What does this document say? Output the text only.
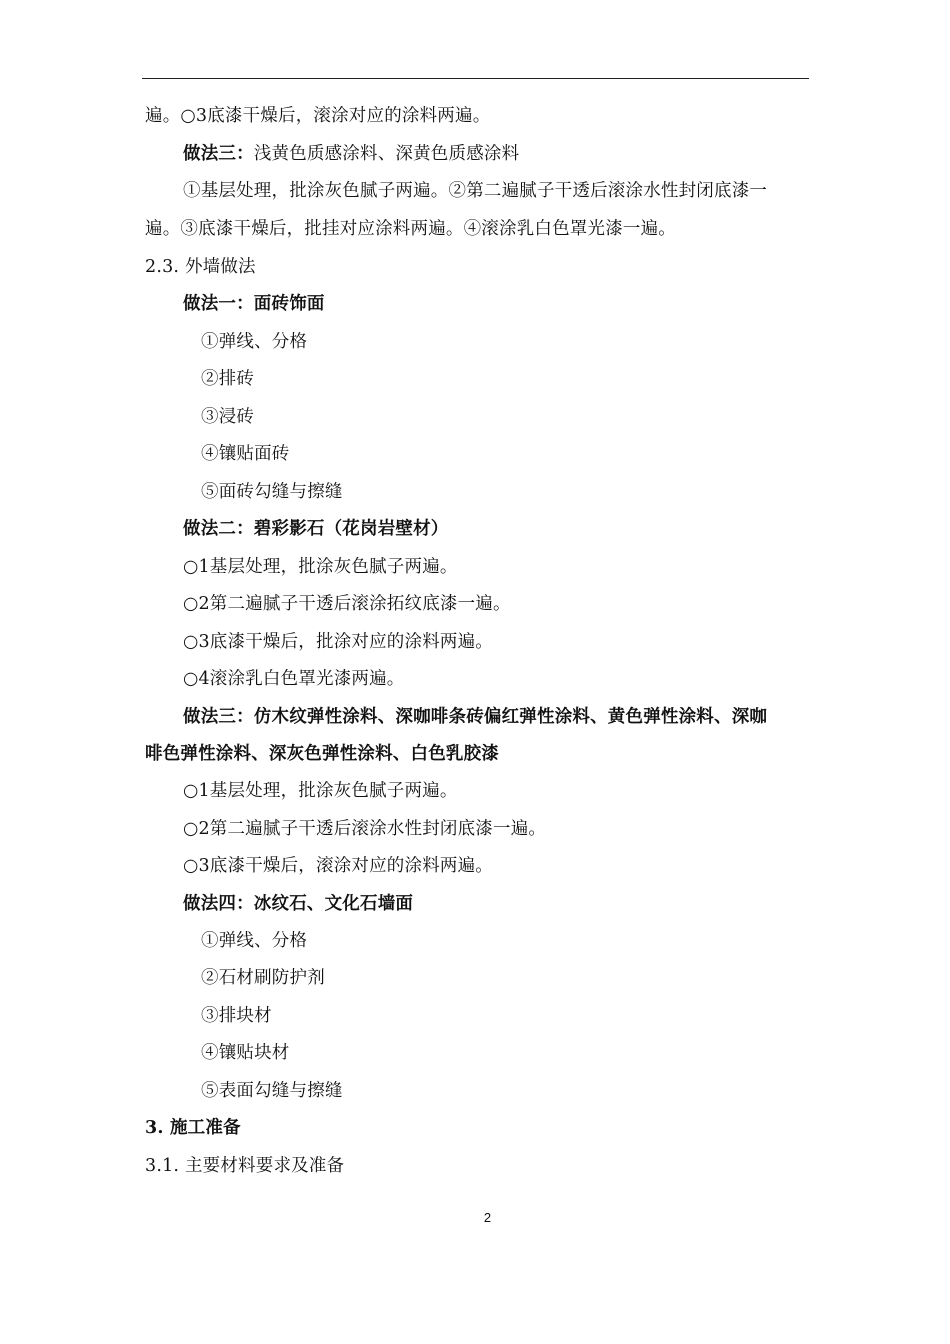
遍。○3底漆干燥后，滚涂对应的涂料两遍。
做法三：浅黄色质感涂料、深黄色质感涂料
①基层处理，批涂灰色腻子两遍。②第二遍腻子干透后滚涂水性封闭底漆一
遍。③底漆干燥后，批挂对应涂料两遍。④滚涂乳白色罩光漆一遍。
2.3. 外墙做法
做法一：面砖饰面
①弹线、分格
②排砖
③浸砖
④镶贴面砖
⑤面砖勾缝与擦缝
做法二：碧彩影石（花岗岩壁材）
○1基层处理，批涂灰色腻子两遍。
○2第二遍腻子干透后滚涂拓纹底漆一遍。
○3底漆干燥后，批涂对应的涂料两遍。
○4滚涂乳白色罩光漆两遍。
做法三：仿木纹弹性涂料、深咖啡条砖偏红弹性涂料、黄色弹性涂料、深咖
啡色弹性涂料、深灰色弹性涂料、白色乳胶漆
○1基层处理，批涂灰色腻子两遍。
○2第二遍腻子干透后滚涂水性封闭底漆一遍。
○3底漆干燥后，滚涂对应的涂料两遍。
做法四：冰纹石、文化石墙面
①弹线、分格
②石材刷防护剂
③排块材
④镶贴块材
⑤表面勾缝与擦缝
3. 施工准备
3.1. 主要材料要求及准备
2
